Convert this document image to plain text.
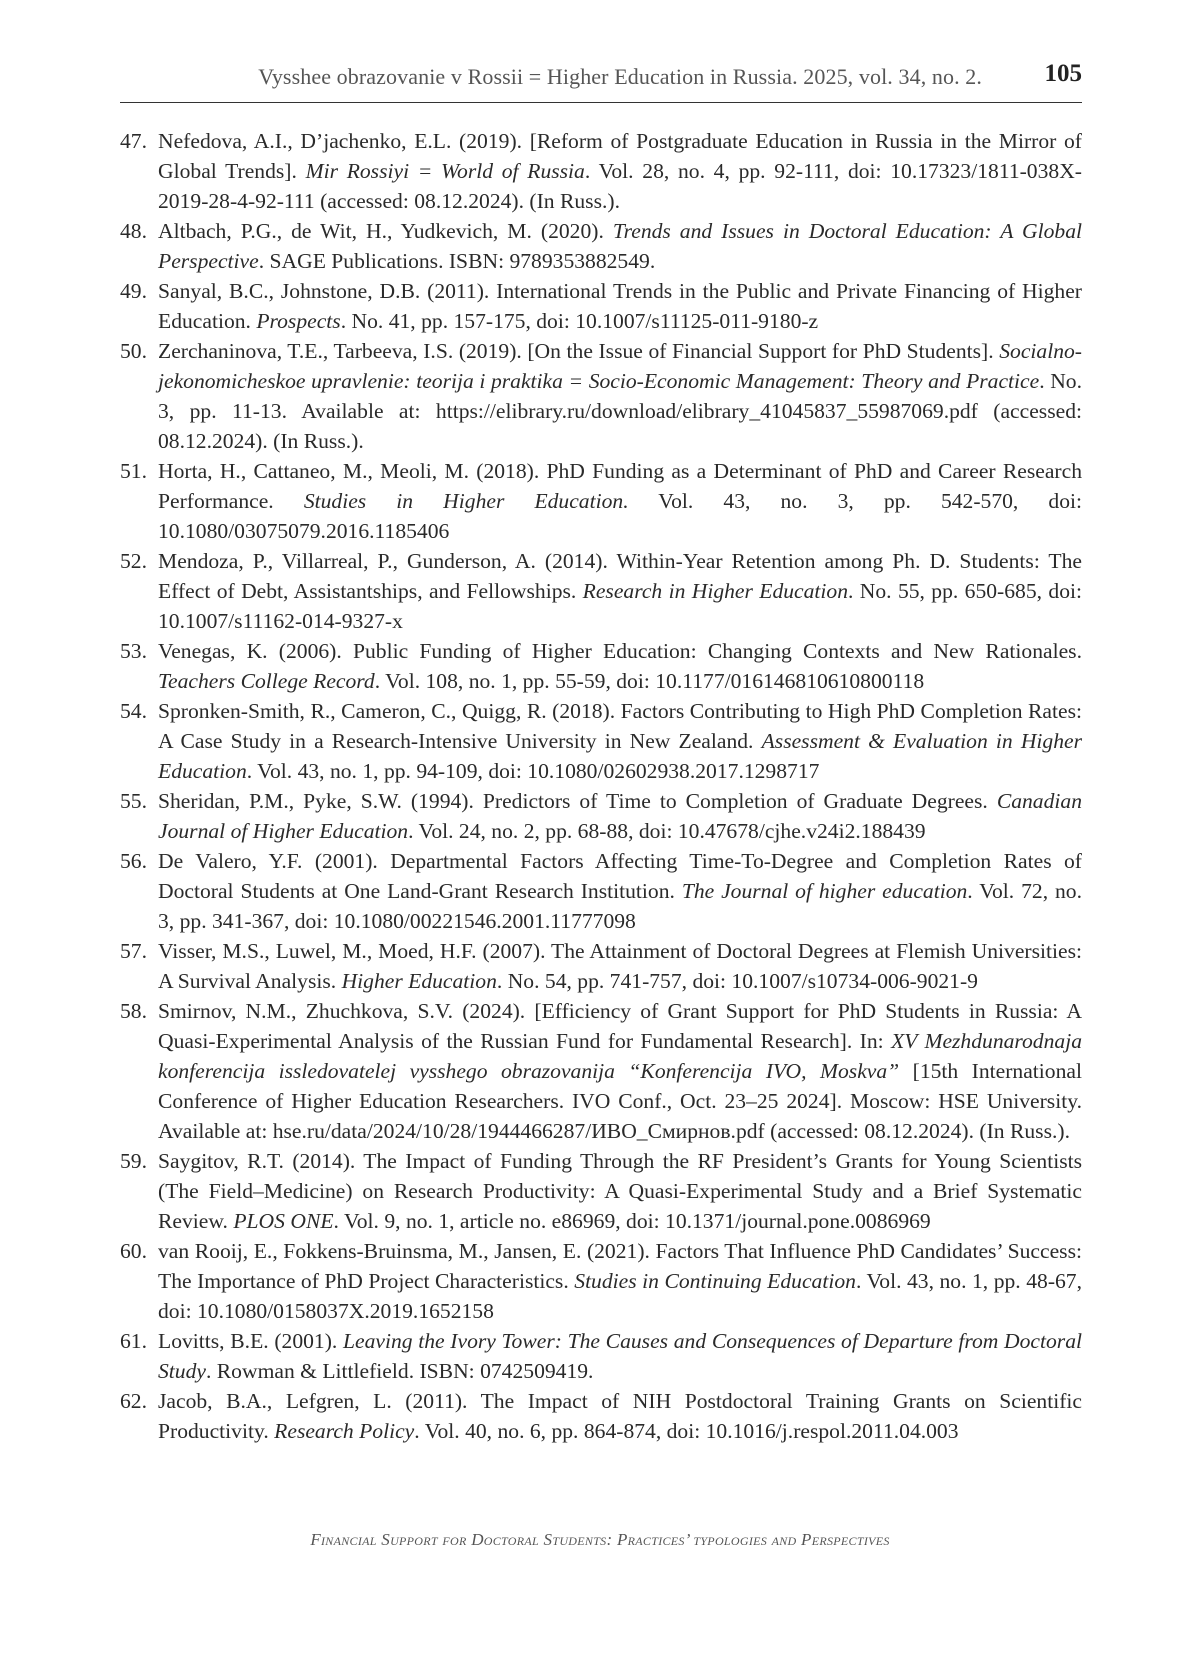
Vysshee obrazovanie v Rossii = Higher Education in Russia. 2025, vol. 34, no. 2.	105
47. Nefedova, A.I., D’jachenko, E.L. (2019). [Reform of Postgraduate Education in Russia in the Mirror of Global Trends]. Mir Rossiyi = World of Russia. Vol. 28, no. 4, pp. 92-111, doi: 10.17323/1811-038X-2019-28-4-92-111 (accessed: 08.12.2024). (In Russ.).
48. Altbach, P.G., de Wit, H., Yudkevich, M. (2020). Trends and Issues in Doctoral Education: A Global Perspective. SAGE Publications. ISBN: 9789353882549.
49. Sanyal, B.C., Johnstone, D.B. (2011). International Trends in the Public and Private Financing of Higher Education. Prospects. No. 41, pp. 157-175, doi: 10.1007/s11125-011-9180-z
50. Zerchaninova, T.E., Tarbeeva, I.S. (2019). [On the Issue of Financial Support for PhD Students]. Socialno-jekonomicheskoe upravlenie: teorija i praktika = Socio-Economic Management: Theory and Practice. No. 3, pp. 11-13. Available at: https://elibrary.ru/download/elibrary_41045837_55987069.pdf (accessed: 08.12.2024). (In Russ.).
51. Horta, H., Cattaneo, M., Meoli, M. (2018). PhD Funding as a Determinant of PhD and Career Research Performance. Studies in Higher Education. Vol. 43, no. 3, pp. 542-570, doi: 10.1080/03075079.2016.1185406
52. Mendoza, P., Villarreal, P., Gunderson, A. (2014). Within-Year Retention among Ph. D. Students: The Effect of Debt, Assistantships, and Fellowships. Research in Higher Education. No. 55, pp. 650-685, doi: 10.1007/s11162-014-9327-x
53. Venegas, K. (2006). Public Funding of Higher Education: Changing Contexts and New Rationales. Teachers College Record. Vol. 108, no. 1, pp. 55-59, doi: 10.1177/016146810610800118
54. Spronken-Smith, R., Cameron, C., Quigg, R. (2018). Factors Contributing to High PhD Completion Rates: A Case Study in a Research-Intensive University in New Zealand. Assessment & Evaluation in Higher Education. Vol. 43, no. 1, pp. 94-109, doi: 10.1080/02602938.2017.1298717
55. Sheridan, P.M., Pyke, S.W. (1994). Predictors of Time to Completion of Graduate Degrees. Canadian Journal of Higher Education. Vol. 24, no. 2, pp. 68-88, doi: 10.47678/cjhe.v24i2.188439
56. De Valero, Y.F. (2001). Departmental Factors Affecting Time-To-Degree and Completion Rates of Doctoral Students at One Land-Grant Research Institution. The Journal of higher education. Vol. 72, no. 3, pp. 341-367, doi: 10.1080/00221546.2001.11777098
57. Visser, M.S., Luwel, M., Moed, H.F. (2007). The Attainment of Doctoral Degrees at Flemish Universities: A Survival Analysis. Higher Education. No. 54, pp. 741-757, doi: 10.1007/s10734-006-9021-9
58. Smirnov, N.M., Zhuchkova, S.V. (2024). [Efficiency of Grant Support for PhD Students in Russia: A Quasi-Experimental Analysis of the Russian Fund for Fundamental Research]. In: XV Mezhdunarodnaja konferencija issledovatelej vysshego obrazovanija “Konferencija IVO, Moskva” [15th International Conference of Higher Education Researchers. IVO Conf., Oct. 23–25 2024]. Moscow: HSE University. Available at: hse.ru/data/2024/10/28/1944466287/ИВО_Смирнов.pdf (accessed: 08.12.2024). (In Russ.).
59. Saygitov, R.T. (2014). The Impact of Funding Through the RF President’s Grants for Young Scientists (The Field–Medicine) on Research Productivity: A Quasi-Experimental Study and a Brief Systematic Review. PLOS ONE. Vol. 9, no. 1, article no. e86969, doi: 10.1371/journal.pone.0086969
60. van Rooij, E., Fokkens-Bruinsma, M., Jansen, E. (2021). Factors That Influence PhD Candidates’ Success: The Importance of PhD Project Characteristics. Studies in Continuing Education. Vol. 43, no. 1, pp. 48-67, doi: 10.1080/0158037X.2019.1652158
61. Lovitts, B.E. (2001). Leaving the Ivory Tower: The Causes and Consequences of Departure from Doctoral Study. Rowman & Littlefield. ISBN: 0742509419.
62. Jacob, B.A., Lefgren, L. (2011). The Impact of NIH Postdoctoral Training Grants on Scientific Productivity. Research Policy. Vol. 40, no. 6, pp. 864-874, doi: 10.1016/j.respol.2011.04.003
Financial Support for Doctoral Students: Practices’ typologies and Perspectives
